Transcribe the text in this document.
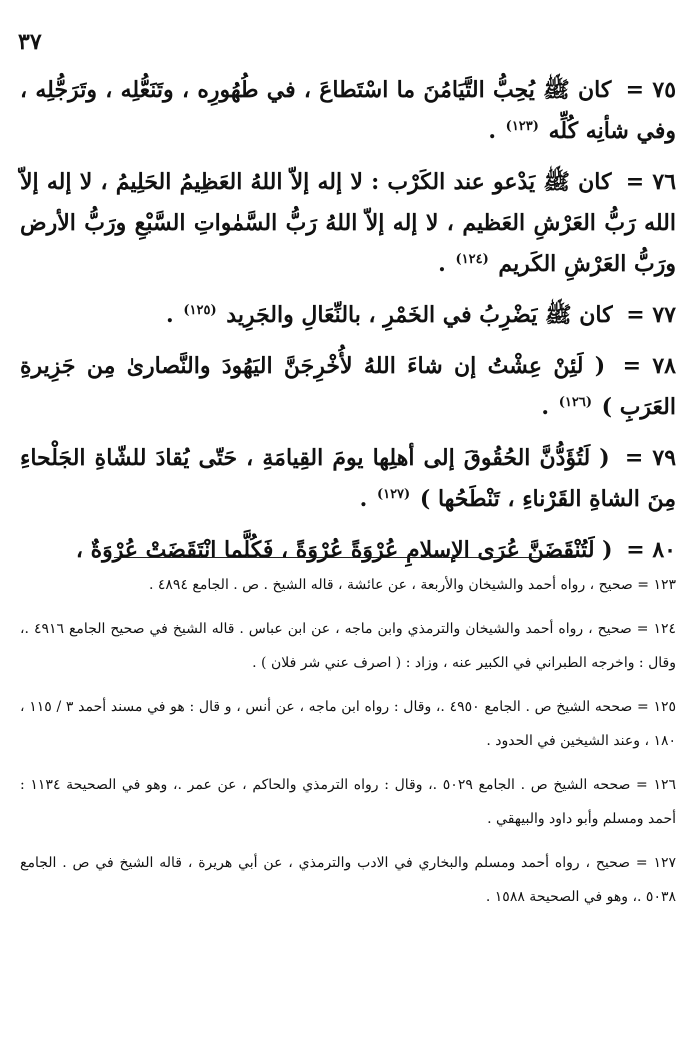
٣٧

٧٥ = كان ﷺ يُحِبُّ التَّيَامُنَ ما اسْتَطاعَ ، في طُهُورِه ، وتَنَعُّلِه ، وتَرَجُّلِه ، وفي شأنِه كُلِّه $^{(١٢٣)}$ .

٧٦ = كان ﷺ يَدْعو عند الكَرْب : لا إله إلاّ اللهُ العَظِيمُ الحَلِيمُ ، لا إله إلاّ الله رَبُّ العَرْشِ العَظيم ، لا إله إلاّ اللهُ رَبُّ السَّمٰواتِ السَّبْعِ ورَبُّ الأرض ورَبُّ العَرْشِ الكَريم $^{(١٢٤)}$ .

٧٧ = كان ﷺ يَضْرِبُ في الخَمْرِ ، بالنِّعَالِ والجَرِيد $^{(١٢٥)}$ .

٧٨ = ( لَئِنْ عِشْتُ إن شاءَ اللهُ لأُخْرِجَنَّ اليَهُودَ والنَّصارىٰ مِن جَزِيرةِ العَرَبِ ) $^{(١٢٦)}$ .

٧٩ = ( لَتُؤَدُّنَّ الحُقُوقَ إلى أهلِها يومَ القِيامَةِ ، حَتّى يُقادَ للشّاةِ الجَلْحاءِ مِنَ الشاةِ القَرْناءِ ، تَنْطَحُها ) $^{(١٢٧)}$ .

٨٠ = ( لَتُنْقَضَنَّ عُرَى الإسلامِ عُرْوَةً عُرْوَةً ، فَكُلَّما انْتَقَضَتْ عُرْوَةٌ ،

١٢٣ = صحيح ، رواه أحمد والشيخان والأربعة ، عن عائشة ، قاله الشيخ . ص . الجامع ٤٨٩٤ .

١٢٤ = صحيح ، رواه أحمد والشيخان والترمذي وابن ماجه ، عن ابن عباس . قاله الشيخ في صحيح الجامع ٤٩١٦ .، وقال : واخرجه الطبراني في الكبير عنه ، وزاد : ( اصرف عني شر فلان ) .

١٢٥ = صححه الشيخ ص . الجامع ٤٩٥٠ .، وقال : رواه ابن ماجه ، عن أنس ، و قال : هو في مسند أحمد ٣ / ١١٥ ، ١٨٠ ، وعند الشيخين في الحدود .

١٢٦ = صححه الشيخ ص . الجامع ٥٠٢٩ .، وقال : رواه الترمذي والحاكم ، عن عمر .، وهو في الصحيحة ١١٣٤ : أحمد ومسلم وأبو داود والبيهقي .

١٢٧ = صحيح ، رواه أحمد ومسلم والبخاري في الادب والترمذي ، عن أبي هريرة ، قاله الشيخ في ص . الجامع ٥٠٣٨ .، وهو في الصحيحة ١٥٨٨ .
